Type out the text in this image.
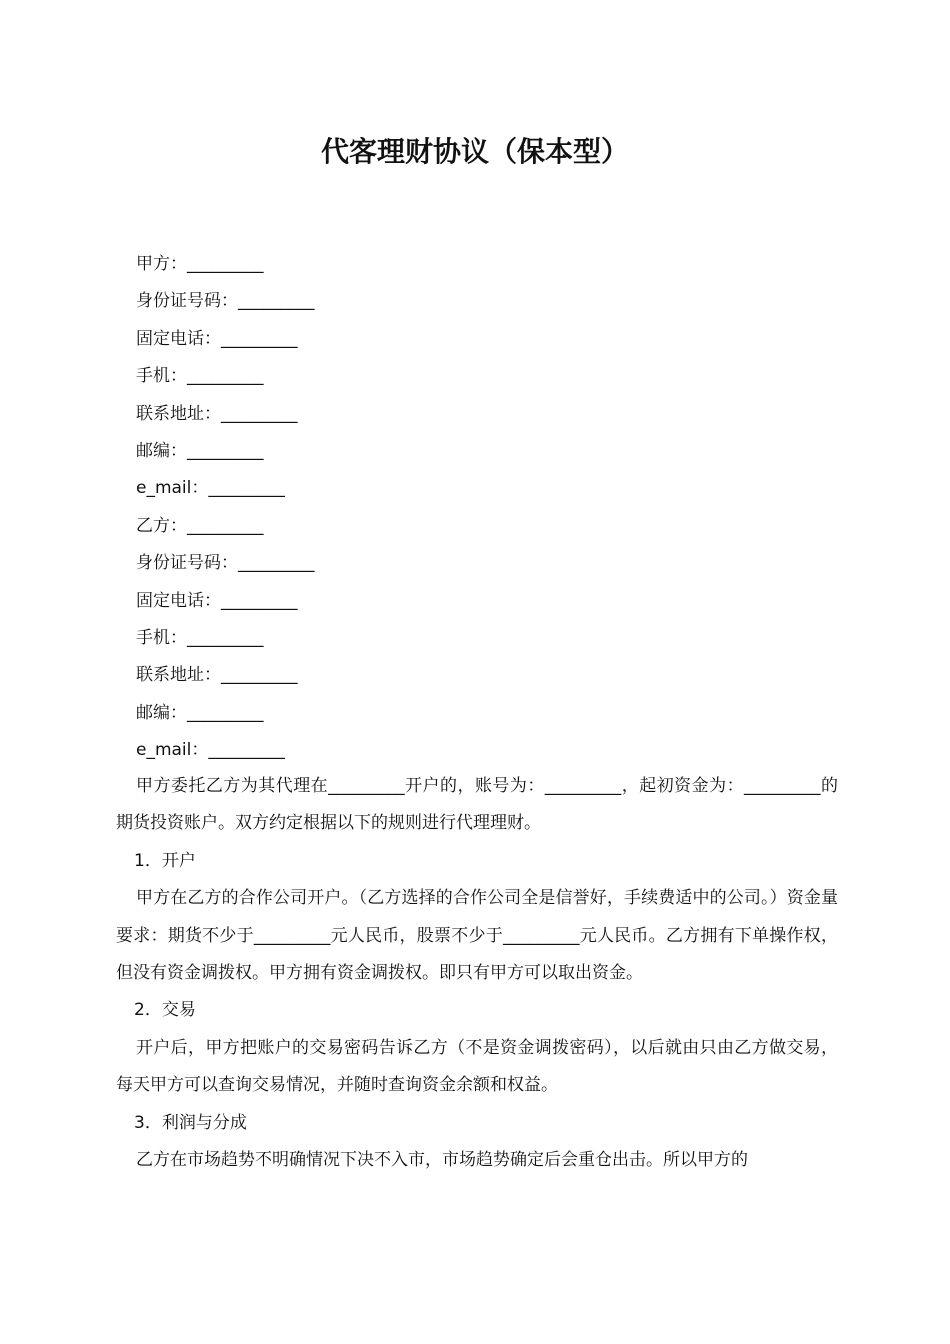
代客理财协议（保本型）
甲方：_________
身份证号码：_________
固定电话：_________
手机：_________
联系地址：_________
邮编：_________
e_mail：_________
乙方：_________
身份证号码：_________
固定电话：_________
手机：_________
联系地址：_________
邮编：_________
e_mail：_________

甲方委托乙方为其代理在_________开户的，账号为：_________，起初资金为：_________的期货投资账户。双方约定根据以下的规则进行代理理财。

1．开户

甲方在乙方的合作公司开户。（乙方选择的合作公司全是信誉好，手续费适中的公司。）资金量要求：期货不少于_________元人民币，股票不少于_________元人民币。乙方拥有下单操作权，但没有资金调拨权。甲方拥有资金调拨权。即只有甲方可以取出资金。

2．交易

开户后，甲方把账户的交易密码告诉乙方（不是资金调拨密码），以后就由只由乙方做交易，每天甲方可以查询交易情况，并随时查询资金余额和权益。

3．利润与分成

乙方在市场趋势不明确情况下决不入市，市场趋势确定后会重仓出击。所以甲方的
